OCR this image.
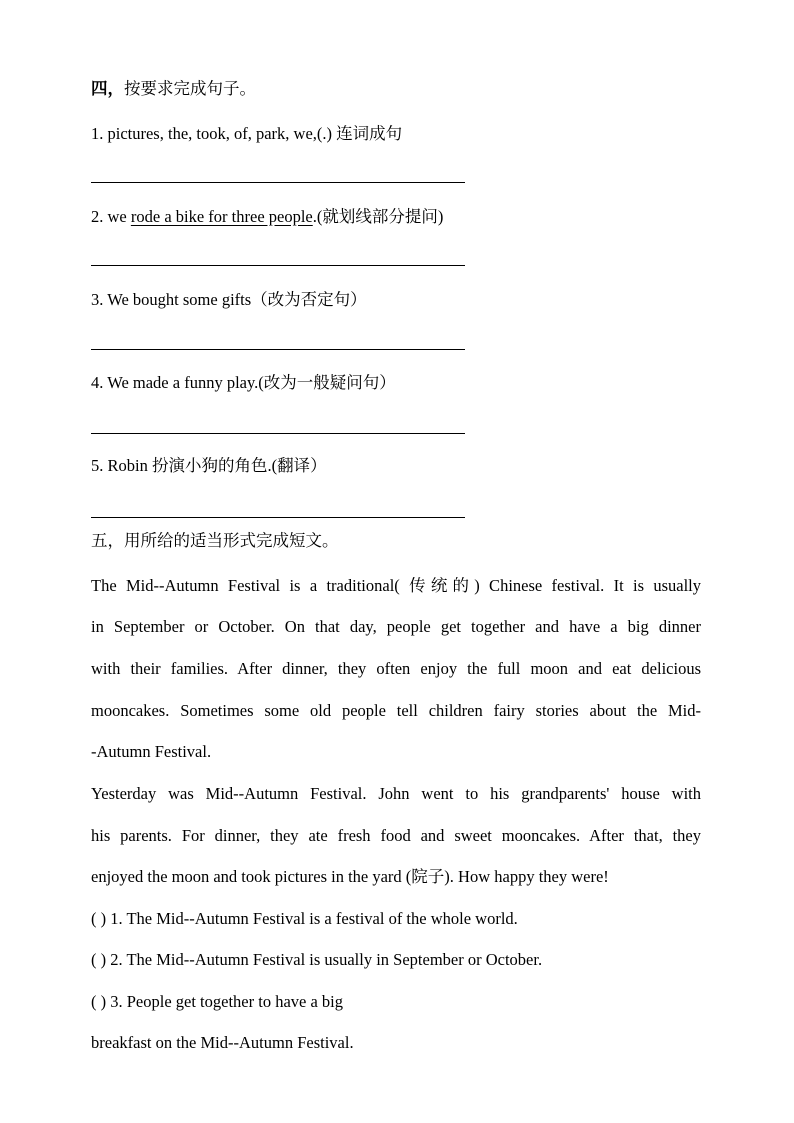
四，按要求完成句子。
1. pictures, the, took, of, park, we,(.) 连词成句
2. we rode a bike for three people.(就划线部分提问)
3. We bought some gifts（改为否定句）
4. We made a funny play.(改为一般疑问句）
5. Robin 扮演小狗的角色.(翻译）
五，用所给的适当形式完成短文。
The Mid--Autumn Festival is a traditional( 传统的) Chinese festival. It is usually
in September or October. On that day, people get together and have a big dinner
with their families. After dinner, they often enjoy the full moon and eat delicious
mooncakes. Sometimes some old people tell children fairy stories about the Mid-
-Autumn Festival.
Yesterday was Mid--Autumn Festival. John went to his grandparents' house with
his parents. For dinner, they ate fresh food and sweet mooncakes. After that, they
enjoyed the moon and took pictures in the yard (院子). How happy they were!
( ) 1. The Mid--Autumn Festival is a festival of the whole world.
( ) 2. The Mid--Autumn Festival is usually in September or October.
( ) 3. People get together to have a big
breakfast on the Mid--Autumn Festival.
